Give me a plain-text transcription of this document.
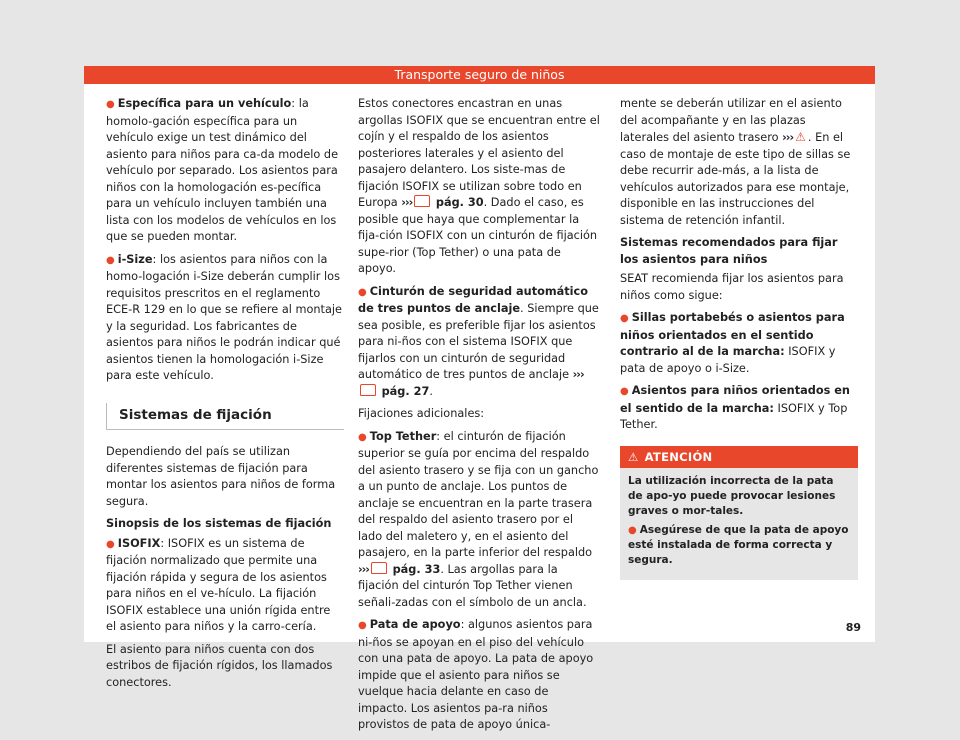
Transporte seguro de niños

● Específica para un vehículo: la homolo-gación específica para un vehículo exige un test dinámico del asiento para niños para ca-da modelo de vehículo por separado. Los asientos para niños con la homologación es-pecífica para un vehículo incluyen también una lista con los modelos de vehículos en los que se pueden montar.

● i-Size: los asientos para niños con la homo-logación i-Size deberán cumplir los requisitos prescritos en el reglamento ECE-R 129 en lo que se refiere al montaje y la seguridad. Los fabricantes de asientos para niños le podrán indicar qué asientos tienen la homologación i-Size para este vehículo.

Sistemas de fijación

Dependiendo del país se utilizan diferentes sistemas de fijación para montar los asientos para niños de forma segura.

Sinopsis de los sistemas de fijación

● ISOFIX: ISOFIX es un sistema de fijación normalizado que permite una fijación rápida y segura de los asientos para niños en el ve-hículo. La fijación ISOFIX establece una unión rígida entre el asiento para niños y la carro-cería.

El asiento para niños cuenta con dos estribos de fijación rígidos, los llamados conectores.

Estos conectores encastran en unas argollas ISOFIX que se encuentran entre el cojín y el respaldo de los asientos posteriores laterales y el asiento del pasajero delantero. Los siste-mas de fijación ISOFIX se utilizan sobre todo en Europa ››› pág. 30. Dado el caso, es posible que haya que complementar la fija-ción ISOFIX con un cinturón de fijación supe-rior (Top Tether) o una pata de apoyo.

● Cinturón de seguridad automático de tres puntos de anclaje. Siempre que sea posible, es preferible fijar los asientos para ni-ños con el sistema ISOFIX que fijarlos con un cinturón de seguridad automático de tres puntos de anclaje ››› pág. 27.

Fijaciones adicionales:

● Top Tether: el cinturón de fijación superior se guía por encima del respaldo del asiento trasero y se fija con un gancho a un punto de anclaje. Los puntos de anclaje se encuentran en la parte trasera del respaldo del asiento trasero por el lado del maletero y, en el asiento del pasajero, en la parte inferior del respaldo ››› pág. 33. Las argollas para la fijación del cinturón Top Tether vienen señali-zadas con el símbolo de un ancla.

● Pata de apoyo: algunos asientos para ni-ños se apoyan en el piso del vehículo con una pata de apoyo. La pata de apoyo impide que el asiento para niños se vuelque hacia delante en caso de impacto. Los asientos pa-ra niños provistos de pata de apoyo única-

mente se deberán utilizar en el asiento del acompañante y en las plazas laterales del asiento trasero ››› ⚠ . En el caso de montaje de este tipo de sillas se debe recurrir ade-más, a la lista de vehículos autorizados para ese montaje, disponible en las instrucciones del sistema de retención infantil.

Sistemas recomendados para fijar los asientos para niños

SEAT recomienda fijar los asientos para niños como sigue:

● Sillas portabebés o asientos para niños orientados en el sentido contrario al de la marcha: ISOFIX y pata de apoyo o i-Size.

● Asientos para niños orientados en el sentido de la marcha: ISOFIX y Top Tether.

⚠ ATENCIÓN

La utilización incorrecta de la pata de apo-yo puede provocar lesiones graves o mor-tales.

● Asegúrese de que la pata de apoyo esté instalada de forma correcta y segura.

89
